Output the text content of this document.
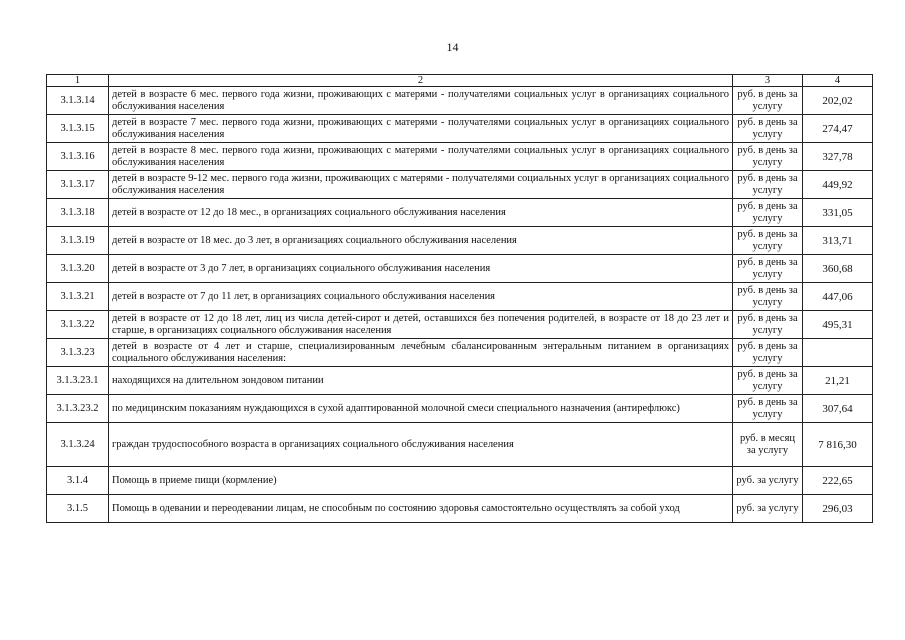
14
1	2	3	4
3.1.3.14	детей в возрасте 6 мес. первого года жизни, проживающих с матерями - получателями социальных услуг в организациях социального обслуживания населения	руб. в день за услугу	202,02
3.1.3.15	детей в возрасте 7 мес. первого года жизни, проживающих с матерями - получателями социальных услуг в организациях социального обслуживания населения	руб. в день за услугу	274,47
3.1.3.16	детей в возрасте 8 мес. первого года жизни, проживающих с матерями - получателями социальных услуг в организациях социального обслуживания населения	руб. в день за услугу	327,78
3.1.3.17	детей в возрасте 9-12 мес. первого года жизни, проживающих с матерями - получателями социальных услуг в организациях социального обслуживания населения	руб. в день за услугу	449,92
3.1.3.18	детей в возрасте от 12 до 18 мес., в организациях социального обслуживания населения	руб. в день за услугу	331,05
3.1.3.19	детей в возрасте от 18 мес. до 3 лет, в организациях социального обслуживания населения	руб. в день за услугу	313,71
3.1.3.20	детей в возрасте от 3 до 7 лет, в организациях социального обслуживания населения	руб. в день за услугу	360,68
3.1.3.21	детей в возрасте от 7 до 11 лет, в организациях социального обслуживания населения	руб. в день за услугу	447,06
3.1.3.22	детей в возрасте от 12 до 18 лет, лиц из числа детей-сирот и детей, оставшихся без попечения родителей, в возрасте от 18 до 23 лет и старше, в организациях социального обслуживания населения	руб. в день за услугу	495,31
3.1.3.23	детей в возрасте от 4 лет и старше, специализированным лечебным сбалансированным энтеральным питанием в организациях социального обслуживания населения:	руб. в день за услугу	
3.1.3.23.1	находящихся на длительном зондовом питании	руб. в день за услугу	21,21
3.1.3.23.2	по медицинским показаниям нуждающихся в сухой адаптированной молочной смеси специального назначения (антирефлюкс)	руб. в день за услугу	307,64
3.1.3.24	граждан трудоспособного возраста в организациях социального обслуживания населения	руб. в месяц за услугу	7 816,30
3.1.4	Помощь в приеме пищи (кормление)	руб. за услугу	222,65
3.1.5	Помощь в одевании и переодевании лицам, не способным по состоянию здоровья самостоятельно осуществлять за собой уход	руб. за услугу	296,03
